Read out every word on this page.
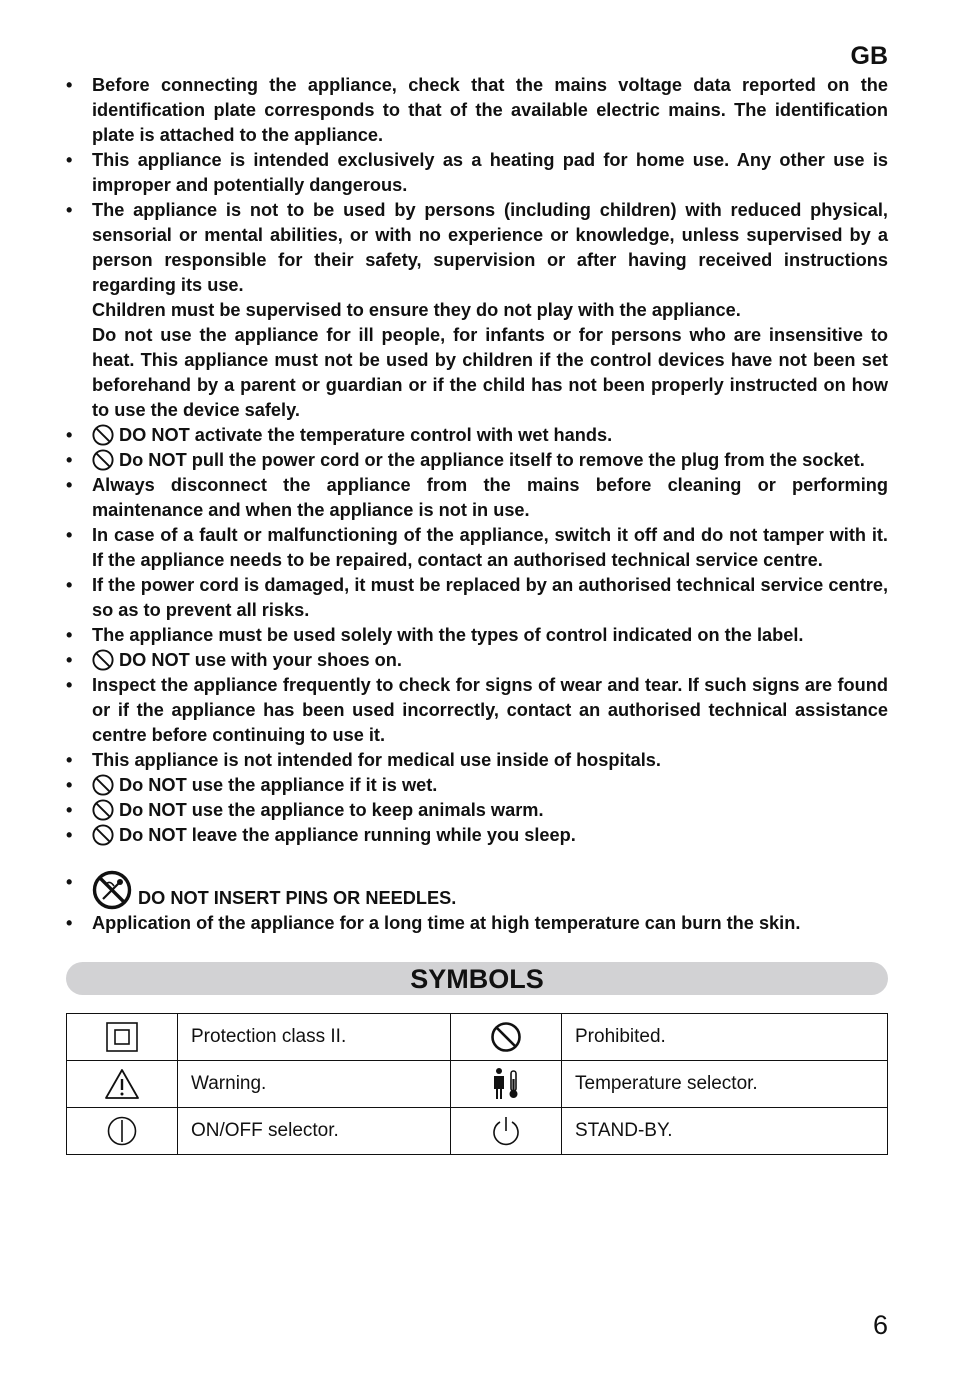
GB
• Before connecting the appliance, check that the mains voltage data reported on the identification plate corresponds to that of the available electric mains. The identification plate is attached to the appliance.

• This appliance is intended exclusively as a heating pad for home use. Any other use is improper and potentially dangerous.

• The appliance is not to be used by persons (including children) with reduced physical, sensorial or mental abilities, or with no experience or knowledge, unless supervised by a person responsible for their safety, supervision or after having received instructions regarding its use.

Children must be supervised to ensure they do not play with the appliance.

Do not use the appliance for ill people, for infants or for persons who are insensitive to heat. This appliance must not be used by children if the control devices have not been set beforehand by a parent or guardian or if the child has not been properly instructed on how to use the device safely.

•	DO NOT activate the temperature control with wet hands.

•	Do NOT pull the power cord or the appliance itself to remove the plug from the socket.

• Always disconnect the appliance from the mains before cleaning or performing maintenance and when the appliance is not in use.

• In case of a fault or malfunctioning of the appliance, switch it off and do not tamper with it. If the appliance needs to be repaired, contact an authorised technical service centre.

• If the power cord is damaged, it must be replaced by an authorised technical service centre, so as to prevent all risks.

• The appliance must be used solely with the types of control indicated on the label.

•	DO NOT use with your shoes on.

• Inspect the appliance frequently to check for signs of wear and tear. If such signs are found or if the appliance has been used incorrectly, contact an authorised technical assistance centre before continuing to use it.

• This appliance is not intended for medical use inside of hospitals.

•	Do NOT use the appliance if it is wet.

•	Do NOT use the appliance to keep animals warm.

•	Do NOT leave the appliance running while you sleep.

•

DO NOT INSERT PINS OR NEEDLES.

• Application of the appliance for a long time at high temperature can burn the skin.

SYMBOLS
	Protection class II.		Prohibited.
	Warning.		Temperature selector.
	ON/OFF selector.		STAND-BY.
6
